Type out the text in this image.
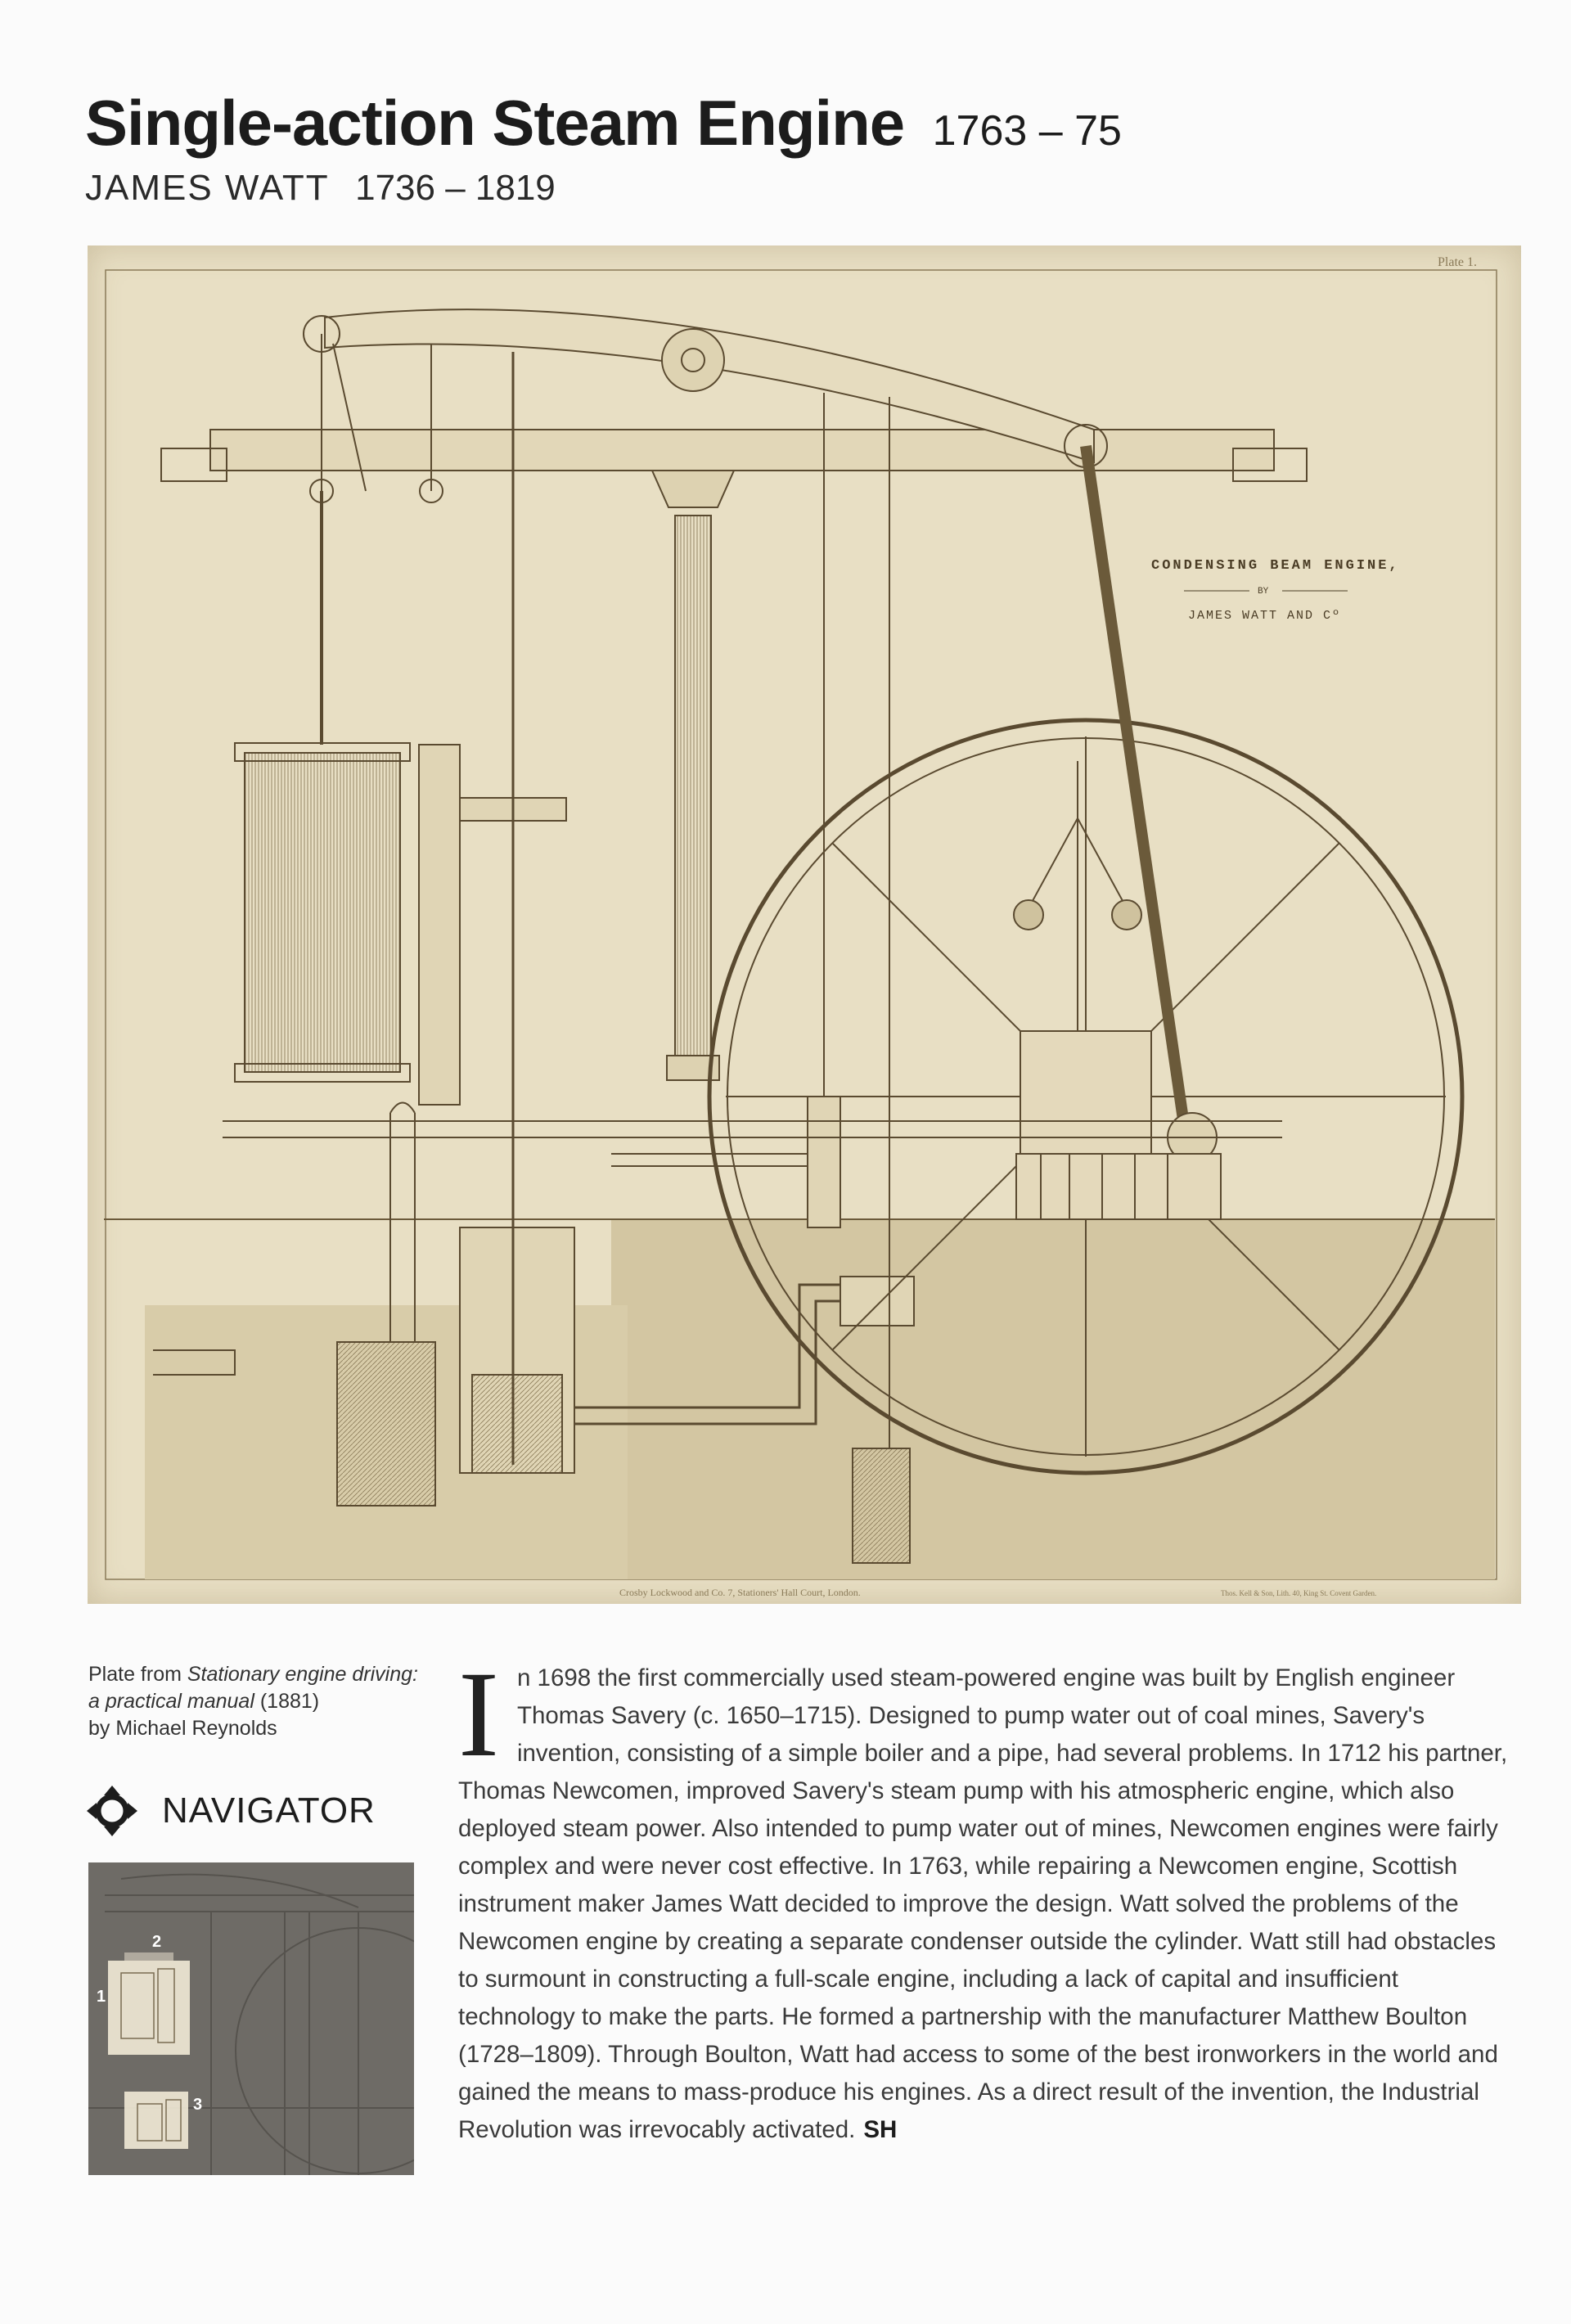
Single-action Steam Engine 1763 – 75
JAMES WATT 1736 – 1819
Plate 1.
CONDENSING BEAM ENGINE,
BY
JAMES WATT AND Cº
Crosby Lockwood and Co. 7, Stationers' Hall Court, London.	Thos. Kell & Son, Lith. 40, King St. Covent Garden.
Plate from Stationary engine driving: a practical manual (1881)
by Michael Reynolds
NAVIGATOR
1
2
3
I n 1698 the first commercially used steam-powered engine was built by English engineer Thomas Savery (c. 1650–1715). Designed to pump water out of coal mines, Savery's invention, consisting of a simple boiler and a pipe, had several problems. In 1712 his partner, Thomas Newcomen, improved Savery's steam pump with his atmospheric engine, which also deployed steam power. Also intended to pump water out of mines, Newcomen engines were fairly complex and were never cost effective. In 1763, while repairing a Newcomen engine, Scottish instrument maker James Watt decided to improve the design. Watt solved the problems of the Newcomen engine by creating a separate condenser outside the cylinder. Watt still had obstacles to surmount in constructing a full-scale engine, including a lack of capital and insufficient technology to make the parts. He formed a partnership with the manufacturer Matthew Boulton (1728–1809). Through Boulton, Watt had access to some of the best ironworkers in the world and gained the means to mass-produce his engines. As a direct result of the invention, the Industrial Revolution was irrevocably activated. SH
